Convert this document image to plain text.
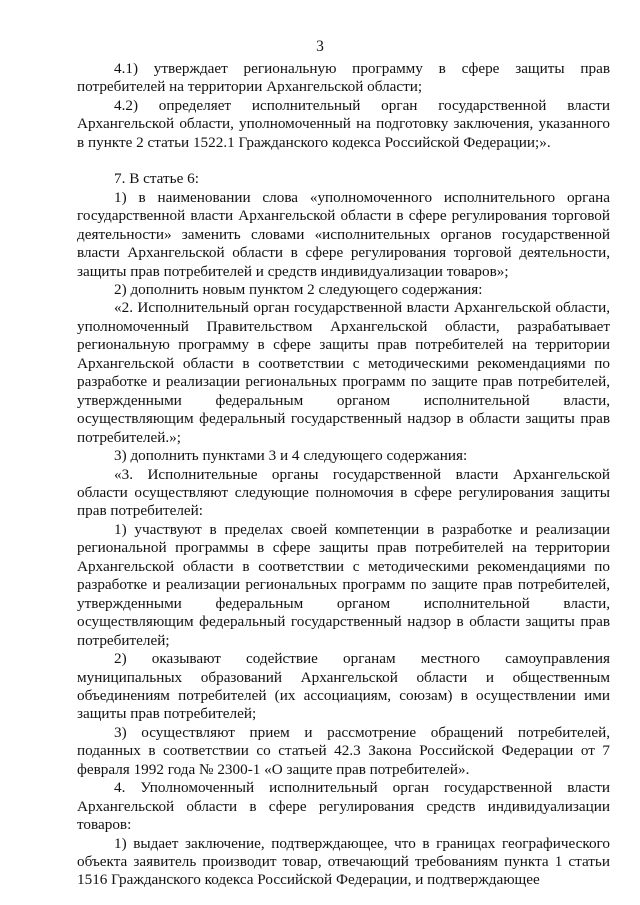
3

4.1) утверждает региональную программу в сфере защиты прав потребителей на территории Архангельской области;

4.2) определяет исполнительный орган государственной власти Архангельской области, уполномоченный на подготовку заключения, указанного в пункте 2 статьи 1522.1 Гражданского кодекса Российской Федерации;».

7. В статье 6:

1) в наименовании слова «уполномоченного исполнительного органа государственной власти Архангельской области в сфере регулирования торговой деятельности» заменить словами «исполнительных органов государственной власти Архангельской области в сфере регулирования торговой деятельности, защиты прав потребителей и средств индивидуализации товаров»;

2) дополнить новым пунктом 2 следующего содержания:

«2. Исполнительный орган государственной власти Архангельской области, уполномоченный Правительством Архангельской области, разрабатывает региональную программу в сфере защиты прав потребителей на территории Архангельской области в соответствии с методическими рекомендациями по разработке и реализации региональных программ по защите прав потребителей, утвержденными федеральным органом исполнительной власти, осуществляющим федеральный государственный надзор в области защиты прав потребителей.»;

3) дополнить пунктами 3 и 4 следующего содержания:

«3. Исполнительные органы государственной власти Архангельской области осуществляют следующие полномочия в сфере регулирования защиты прав потребителей:

1) участвуют в пределах своей компетенции в разработке и реализации региональной программы в сфере защиты прав потребителей на территории Архангельской области в соответствии с методическими рекомендациями по разработке и реализации региональных программ по защите прав потребителей, утвержденными федеральным органом исполнительной власти, осуществляющим федеральный государственный надзор в области защиты прав потребителей;

2) оказывают содействие органам местного самоуправления муниципальных образований Архангельской области и общественным объединениям потребителей (их ассоциациям, союзам) в осуществлении ими защиты прав потребителей;

3) осуществляют прием и рассмотрение обращений потребителей, поданных в соответствии со статьей 42.3 Закона Российской Федерации от 7 февраля 1992 года № 2300-1 «О защите прав потребителей».

4. Уполномоченный исполнительный орган государственной власти Архангельской области в сфере регулирования средств индивидуализации товаров:

1) выдает заключение, подтверждающее, что в границах географического объекта заявитель производит товар, отвечающий требованиям пункта 1 статьи 1516 Гражданского кодекса Российской Федерации, и подтверждающее
